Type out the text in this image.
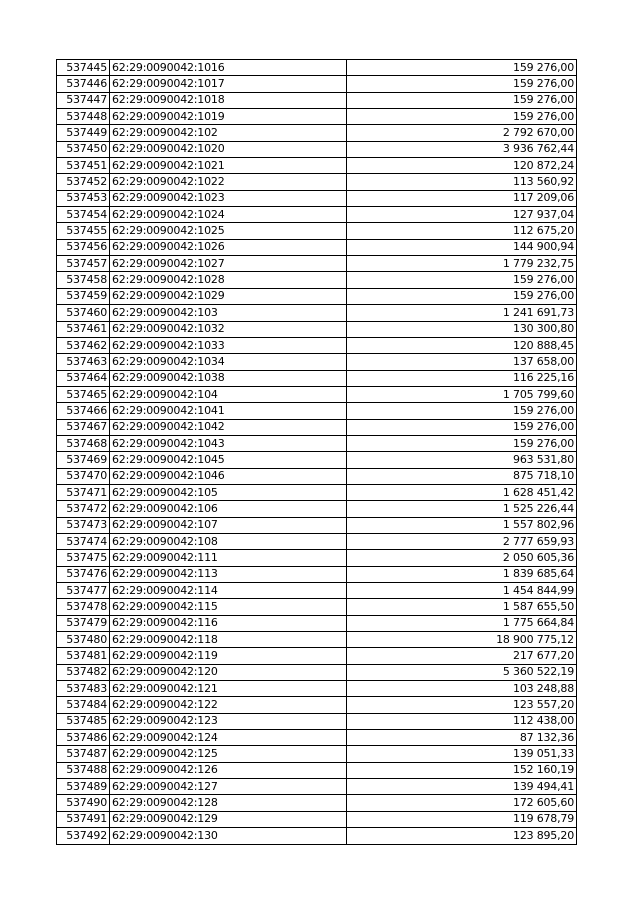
537445	62:29:0090042:1016	159 276,00
537446	62:29:0090042:1017	159 276,00
537447	62:29:0090042:1018	159 276,00
537448	62:29:0090042:1019	159 276,00
537449	62:29:0090042:102	2 792 670,00
537450	62:29:0090042:1020	3 936 762,44
537451	62:29:0090042:1021	120 872,24
537452	62:29:0090042:1022	113 560,92
537453	62:29:0090042:1023	117 209,06
537454	62:29:0090042:1024	127 937,04
537455	62:29:0090042:1025	112 675,20
537456	62:29:0090042:1026	144 900,94
537457	62:29:0090042:1027	1 779 232,75
537458	62:29:0090042:1028	159 276,00
537459	62:29:0090042:1029	159 276,00
537460	62:29:0090042:103	1 241 691,73
537461	62:29:0090042:1032	130 300,80
537462	62:29:0090042:1033	120 888,45
537463	62:29:0090042:1034	137 658,00
537464	62:29:0090042:1038	116 225,16
537465	62:29:0090042:104	1 705 799,60
537466	62:29:0090042:1041	159 276,00
537467	62:29:0090042:1042	159 276,00
537468	62:29:0090042:1043	159 276,00
537469	62:29:0090042:1045	963 531,80
537470	62:29:0090042:1046	875 718,10
537471	62:29:0090042:105	1 628 451,42
537472	62:29:0090042:106	1 525 226,44
537473	62:29:0090042:107	1 557 802,96
537474	62:29:0090042:108	2 777 659,93
537475	62:29:0090042:111	2 050 605,36
537476	62:29:0090042:113	1 839 685,64
537477	62:29:0090042:114	1 454 844,99
537478	62:29:0090042:115	1 587 655,50
537479	62:29:0090042:116	1 775 664,84
537480	62:29:0090042:118	18 900 775,12
537481	62:29:0090042:119	217 677,20
537482	62:29:0090042:120	5 360 522,19
537483	62:29:0090042:121	103 248,88
537484	62:29:0090042:122	123 557,20
537485	62:29:0090042:123	112 438,00
537486	62:29:0090042:124	87 132,36
537487	62:29:0090042:125	139 051,33
537488	62:29:0090042:126	152 160,19
537489	62:29:0090042:127	139 494,41
537490	62:29:0090042:128	172 605,60
537491	62:29:0090042:129	119 678,79
537492	62:29:0090042:130	123 895,20
